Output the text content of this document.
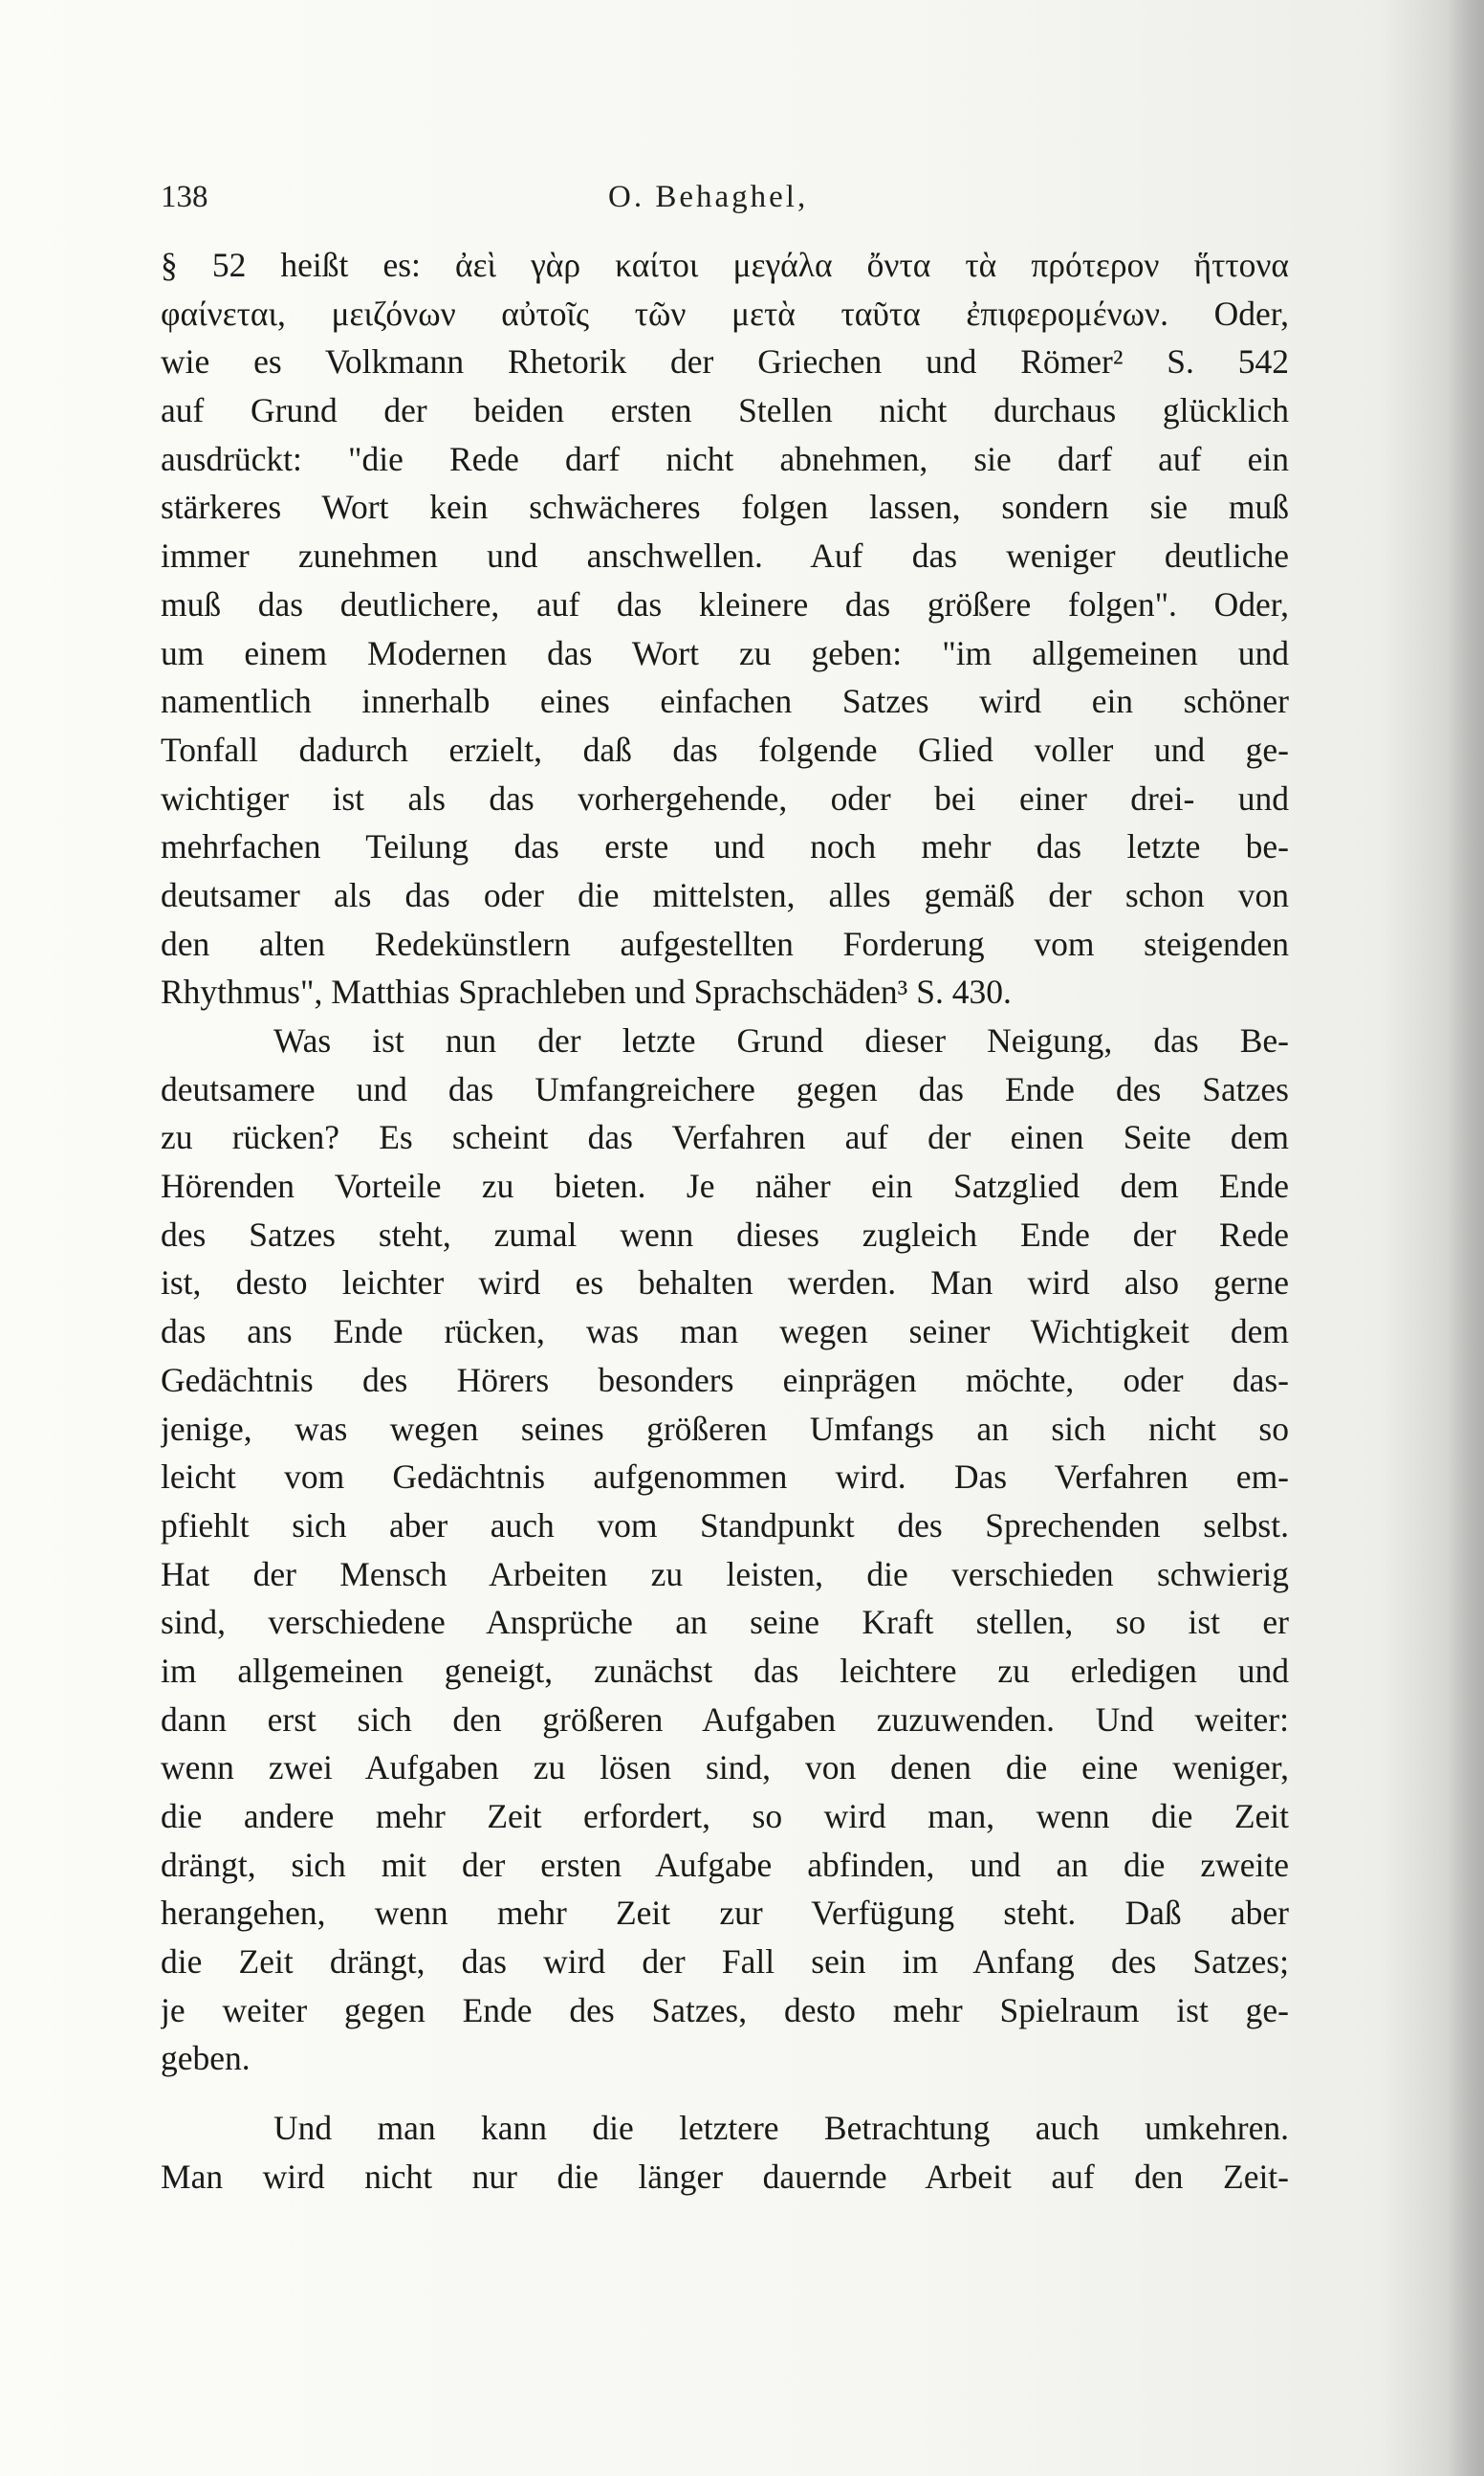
138	O. Behaghel,
§ 52 heißt es: ἀεὶ γὰρ καίτοι μεγάλα ὄντα τὰ πρότερον ἥττονα
φαίνεται, μειζόνων αὐτοῖς τῶν μετὰ ταῦτα ἐπιφερομένων. Oder,
wie es Volkmann Rhetorik der Griechen und Römer² S. 542
auf Grund der beiden ersten Stellen nicht durchaus glücklich
ausdrückt: "die Rede darf nicht abnehmen, sie darf auf ein
stärkeres Wort kein schwächeres folgen lassen, sondern sie muß
immer zunehmen und anschwellen. Auf das weniger deutliche
muß das deutlichere, auf das kleinere das größere folgen". Oder,
um einem Modernen das Wort zu geben: "im allgemeinen und
namentlich innerhalb eines einfachen Satzes wird ein schöner
Tonfall dadurch erzielt, daß das folgende Glied voller und ge-
wichtiger ist als das vorhergehende, oder bei einer drei- und
mehrfachen Teilung das erste und noch mehr das letzte be-
deutsamer als das oder die mittelsten, alles gemäß der schon von
den alten Redekünstlern aufgestellten Forderung vom steigenden
Rhythmus", Matthias Sprachleben und Sprachschäden³ S. 430.
Was ist nun der letzte Grund dieser Neigung, das Be-
deutsamere und das Umfangreichere gegen das Ende des Satzes
zu rücken? Es scheint das Verfahren auf der einen Seite dem
Hörenden Vorteile zu bieten. Je näher ein Satzglied dem Ende
des Satzes steht, zumal wenn dieses zugleich Ende der Rede
ist, desto leichter wird es behalten werden. Man wird also gerne
das ans Ende rücken, was man wegen seiner Wichtigkeit dem
Gedächtnis des Hörers besonders einprägen möchte, oder das-
jenige, was wegen seines größeren Umfangs an sich nicht so
leicht vom Gedächtnis aufgenommen wird. Das Verfahren em-
pfiehlt sich aber auch vom Standpunkt des Sprechenden selbst.
Hat der Mensch Arbeiten zu leisten, die verschieden schwierig
sind, verschiedene Ansprüche an seine Kraft stellen, so ist er
im allgemeinen geneigt, zunächst das leichtere zu erledigen und
dann erst sich den größeren Aufgaben zuzuwenden. Und weiter:
wenn zwei Aufgaben zu lösen sind, von denen die eine weniger,
die andere mehr Zeit erfordert, so wird man, wenn die Zeit
drängt, sich mit der ersten Aufgabe abfinden, und an die zweite
herangehen, wenn mehr Zeit zur Verfügung steht. Daß aber
die Zeit drängt, das wird der Fall sein im Anfang des Satzes;
je weiter gegen Ende des Satzes, desto mehr Spielraum ist ge-
geben.
Und man kann die letztere Betrachtung auch umkehren.
Man wird nicht nur die länger dauernde Arbeit auf den Zeit-
